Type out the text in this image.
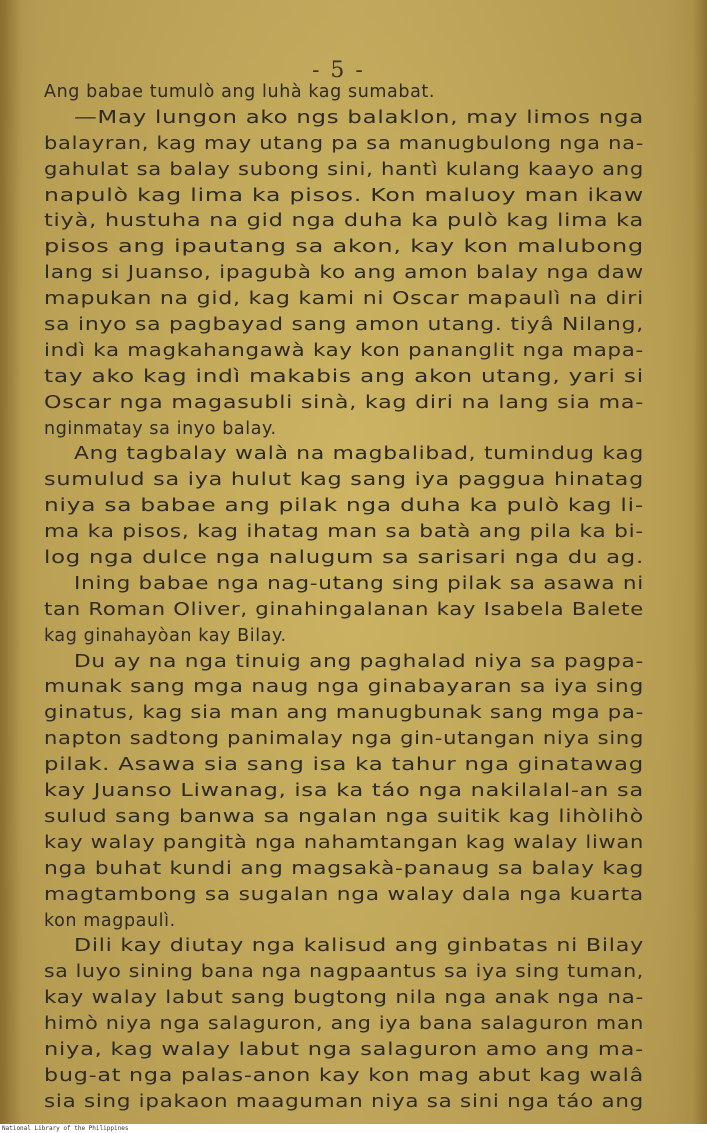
- 5 -
Ang babae tumulò ang luhà kag sumabat.
—May lungon ako ngs balaklon, may limos nga
balayran, kag may utang pa sa manugbulong nga na-
gahulat sa balay subong sini, hantì kulang kaayo ang
napulò kag lima ka pisos. Kon maluoy man ikaw
tiyà, hustuha na gid nga duha ka pulò kag lima ka
pisos ang ipautang sa akon, kay kon malubong
lang si Juanso, ipagubà ko ang amon balay nga daw
mapukan na gid, kag kami ni Oscar mapaulì na diri
sa inyo sa pagbayad sang amon utang. tiyâ Nilang,
indì ka magkahangawà kay kon pananglit nga mapa-
tay ako kag indì makabis ang akon utang, yari si
Oscar nga magasubli sinà, kag diri na lang sia ma-
nginmatay sa inyo balay.
Ang tagbalay walà na magbalibad, tumindug kag
sumulud sa iya hulut kag sang iya paggua hinatag
niya sa babae ang pilak nga duha ka pulò kag li-
ma ka pisos, kag ihatag man sa batà ang pila ka bi-
log nga dulce nga nalugum sa sarisari nga du ag.
Ining babae nga nag-utang sing pilak sa asawa ni
tan Roman Oliver, ginahingalanan kay Isabela Balete
kag ginahayòan kay Bilay.
Du ay na nga tinuig ang paghalad niya sa pagpa-
munak sang mga naug nga ginabayaran sa iya sing
ginatus, kag sia man ang manugbunak sang mga pa-
napton sadtong panimalay nga gin-utangan niya sing
pilak. Asawa sia sang isa ka tahur nga ginatawag
kay Juanso Liwanag, isa ka táo nga nakilalal-an sa
sulud sang banwa sa ngalan nga suitik kag lihòlihò
kay walay pangità nga nahamtangan kag walay liwan
nga buhat kundi ang magsakà-panaug sa balay kag
magtambong sa sugalan nga walay dala nga kuarta
kon magpaulì.
Dili kay diutay nga kalisud ang ginbatas ni Bilay
sa luyo sining bana nga nagpaantus sa iya sing tuman,
kay walay labut sang bugtong nila nga anak nga na-
himò niya nga salaguron, ang iya bana salaguron man
niya, kag walay labut nga salaguron amo ang ma-
bug-at nga palas-anon kay kon mag abut kag walâ
sia sing ipakaon maaguman niya sa sini nga táo ang
National Library of the Philippines
